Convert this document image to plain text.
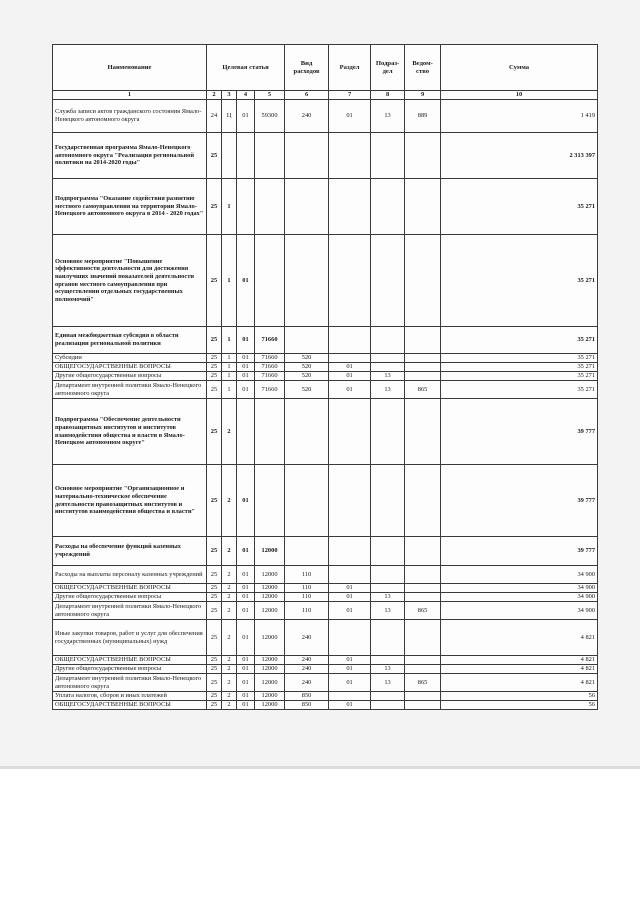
Наименование	Целевая статья				Вид расходов	Раздел	Подраз-дел	Ведом-ство	Сумма
1	2	3	4	5	6	7	8	9	10
Служба записи актов гражданского состояния Ямало-Ненецкого автономного округа	24	Ц	01	59300	240	01	13	889	1 419
Государственная программа Ямало-Ненецкого автономного округа "Реализация региональной политики на 2014-2020 годы"	25								2 313 397
Подпрограмма "Оказание содействия развитию местного самоуправления на территории Ямало-Ненецкого автономного округа в 2014 - 2020 годах"	25	1							35 271
Основное мероприятие "Повышение эффективности деятельности для достижения наилучших значений показателей деятельности органов местного самоуправления при осуществлении отдельных государственных полномочий"	25	1	01						35 271
Единая межбюджетная субсидия в области реализации региональной политики	25	1	01	71660					35 271
Субсидии	25	1	01	71660	520				35 271
ОБЩЕГОСУДАРСТВЕННЫЕ ВОПРОСЫ	25	1	01	71660	520	01			35 271
Другие общегосударственные вопросы	25	1	01	71660	520	01	13		35 271
Департамент внутренней политики Ямало-Ненецкого автономного округа	25	1	01	71660	520	01	13	865	35 271
Подпрограмма "Обеспечение деятельности правозащитных институтов и институтов взаимодействия общества и власти в Ямало-Ненецком автономном округе"	25	2							39 777
Основное мероприятие "Организационное и материально-техническое обеспечение деятельности правозащитных институтов и институтов взаимодействия общества и власти"	25	2	01						39 777
Расходы на обеспечение функций казенных учреждений	25	2	01	12000					39 777
Расходы на выплаты персоналу казенных учреждений	25	2	01	12000	110				34 900
ОБЩЕГОСУДАРСТВЕННЫЕ ВОПРОСЫ	25	2	01	12000	110	01			34 900
Другие общегосударственные вопросы	25	2	01	12000	110	01	13		34 900
Департамент внутренней политики Ямало-Ненецкого автономного округа	25	2	01	12000	110	01	13	865	34 900
Иные закупки товаров, работ и услуг для обеспечения государственных (муниципальных) нужд	25	2	01	12000	240				4 821
ОБЩЕГОСУДАРСТВЕННЫЕ ВОПРОСЫ	25	2	01	12000	240	01			4 821
Другие общегосударственные вопросы	25	2	01	12000	240	01	13		4 821
Департамент внутренней политики Ямало-Ненецкого автономного округа	25	2	01	12000	240	01	13	865	4 821
Уплата налогов, сборов и иных платежей	25	2	01	12000	850				56
ОБЩЕГОСУДАРСТВЕННЫЕ ВОПРОСЫ	25	2	01	12000	850	01			56
